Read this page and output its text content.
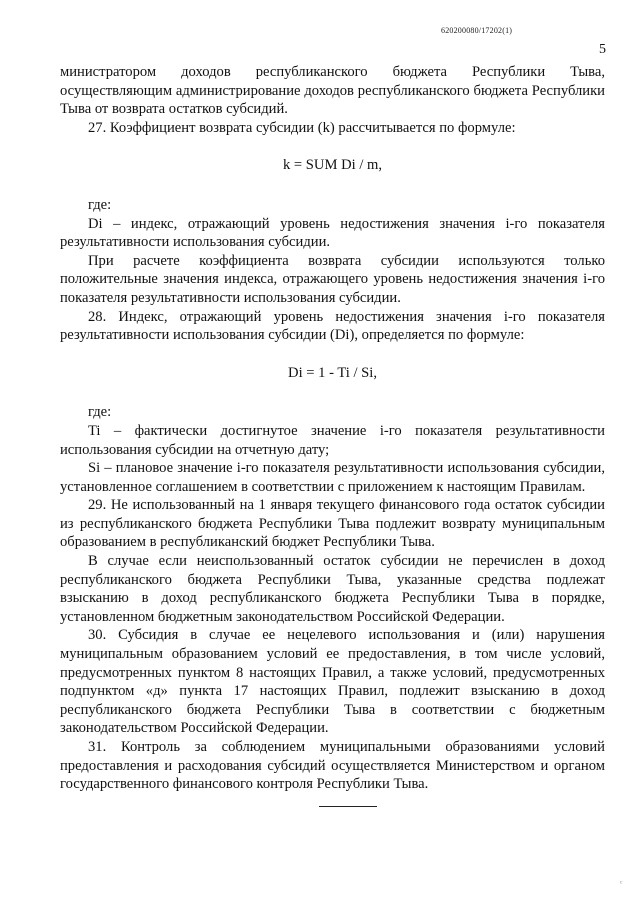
620200080/17202(1)
5

министратором доходов республиканского бюджета Республики Тыва, осуществляющим администрирование доходов республиканского бюджета Республики Тыва от возврата остатков субсидий.

27. Коэффициент возврата субсидии (k) рассчитывается по формуле:

k = SUM Di / m,

где:

Di – индекс, отражающий уровень недостижения значения i-го показателя результативности использования субсидии.

При расчете коэффициента возврата субсидии используются только положительные значения индекса, отражающего уровень недостижения значения i-го показателя результативности использования субсидии.

28. Индекс, отражающий уровень недостижения значения i-го показателя результативности использования субсидии (Di), определяется по формуле:

Di = 1 - Ti / Si,

где:

Ti – фактически достигнутое значение i-го показателя результативности использования субсидии на отчетную дату;

Si – плановое значение i-го показателя результативности использования субсидии, установленное соглашением в соответствии с приложением к настоящим Правилам.

29. Не использованный на 1 января текущего финансового года остаток субсидии из республиканского бюджета Республики Тыва подлежит возврату муниципальным образованием в республиканский бюджет Республики Тыва.

В случае если неиспользованный остаток субсидии не перечислен в доход республиканского бюджета Республики Тыва, указанные средства подлежат взысканию в доход республиканского бюджета Республики Тыва в порядке, установленном бюджетным законодательством Российской Федерации.

30. Субсидия в случае ее нецелевого использования и (или) нарушения муниципальным образованием условий ее предоставления, в том числе условий, предусмотренных пунктом 8 настоящих Правил, а также условий, предусмотренных подпунктом «д» пункта 17 настоящих Правил, подлежит взысканию в доход республиканского бюджета Республики Тыва в соответствии с бюджетным законодательством Российской Федерации.

31. Контроль за соблюдением муниципальными образованиями условий предоставления и расходования субсидий осуществляется Министерством и органом государственного финансового контроля Республики Тыва.

ᶜ
